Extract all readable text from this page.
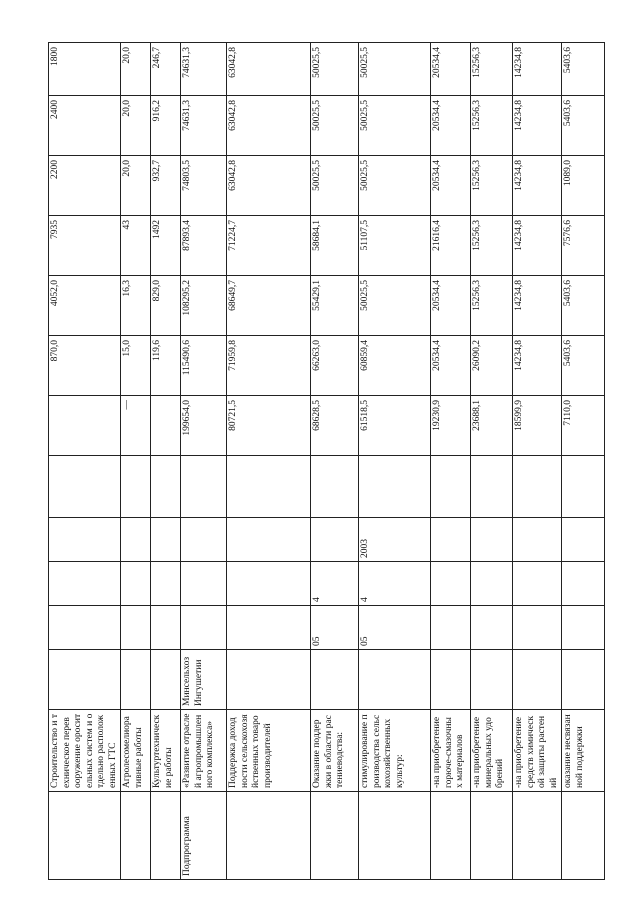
	Строительство и техническое перевооружение оросительных систем и отдельно расположенных ГТС							870,0	4052,0	7935	2200	2400	1800
	Агролесомелиоративные работы						—	15,0	16,3	43	20,0	20,0	20,0
	Культуртехнические работы							119,6	829,0	1492	932,7	916,2	246,7
Подпрограмма	«Развитие отраслей агропромышленного комплекса»	Минсельхоз Ингушетии					199654,0	115490,6	108295,2	87893,4	74803,5	74631,3	74631,3
	Поддержка доходности сельскохозяйственных товаропроизводителей						80721,5	71959,8	68649,7	71224,7	63042,8	63042,8	63042,8
	Оказание поддержки в области растениеводства:		05	4			68628,5	66263,0	55429,1	58684,1	50025,5	50025,5	50025,5
	стимулирование производства сельскохозяйственных культур:		05	4	2003		61518,5	60859,4	50025,5	51107,5	50025,5	50025,5	50025,5
	-на приобретение горюче-смазочных материалов						19230,9	20534,4	20534,4	21616,4	20534,4	20534,4	20534,4
	-на приобретение минеральных удобрений						23688,1	26090,2	15256,3	15256,3	15256,3	15256,3	15256,3
	-на приобретение средств химической защиты растений						18599,9	14234,8	14234,8	14234,8	14234,8	14234,8	14234,8
	оказание несвязанной поддержки						7110,0	5403,6	5403,6	7576,6	1089,0	5403,6	5403,6
